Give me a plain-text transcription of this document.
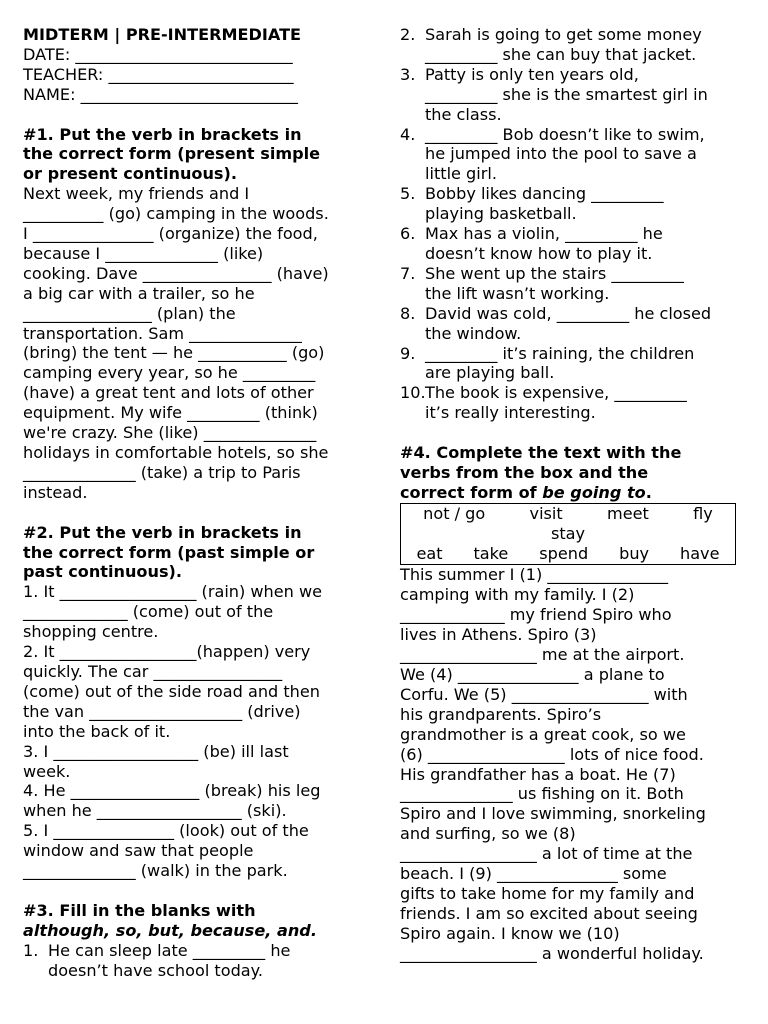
MIDTERM | PRE-INTERMEDIATE
DATE: ___________________________
TEACHER: _______________________
NAME: ___________________________
#1. Put the verb in brackets in
the correct form (present simple
or present continuous).
Next week, my friends and I
__________ (go) camping in the woods.
I _______________ (organize) the food,
because I ______________ (like)
cooking. Dave ________________ (have)
a big car with a trailer, so he
________________ (plan) the
transportation. Sam ______________
(bring) the tent — he ___________ (go)
camping every year, so he _________
(have) a great tent and lots of other
equipment. My wife _________ (think)
we're crazy. She (like) ______________
holidays in comfortable hotels, so she
______________ (take) a trip to Paris
instead.
#2. Put the verb in brackets in
the correct form (past simple or
past continuous).
1. It _________________ (rain) when we
_____________ (come) out of the
shopping centre.
2. It _________________(happen) very
quickly. The car ________________
(come) out of the side road and then
the van ___________________ (drive)
into the back of it.
3. I __________________ (be) ill last
week.
4. He ________________ (break) his leg
when he __________________ (ski).
5. I _______________ (look) out of the
window and saw that people
______________ (walk) in the park.
#3. Fill in the blanks with
although, so, but, because, and.
1. He can sleep late _________ he
doesn’t have school today.
2. Sarah is going to get some money
_________ she can buy that jacket.
3. Patty is only ten years old,
_________ she is the smartest girl in
the class.
4. _________ Bob doesn’t like to swim,
he jumped into the pool to save a
little girl.
5. Bobby likes dancing _________
playing basketball.
6. Max has a violin, _________ he
doesn’t know how to play it.
7. She went up the stairs _________
the lift wasn’t working.
8. David was cold, _________ he closed
the window.
9. _________ it’s raining, the children
are playing ball.
10. The book is expensive, _________
it’s really interesting.
#4. Complete the text with the
verbs from the box and the
correct form of be going to.
not / go	visit	meet	fly
stay
eat take spend buy have
This summer I (1) _______________
camping with my family. I (2)
_____________ my friend Spiro who
lives in Athens. Spiro (3)
_________________ me at the airport.
We (4) _______________ a plane to
Corfu. We (5) _________________ with
his grandparents. Spiro’s
grandmother is a great cook, so we
(6) _________________ lots of nice food.
His grandfather has a boat. He (7)
______________ us fishing on it. Both
Spiro and I love swimming, snorkeling
and surfing, so we (8)
_________________ a lot of time at the
beach. I (9) _______________ some
gifts to take home for my family and
friends. I am so excited about seeing
Spiro again. I know we (10)
_________________ a wonderful holiday.
